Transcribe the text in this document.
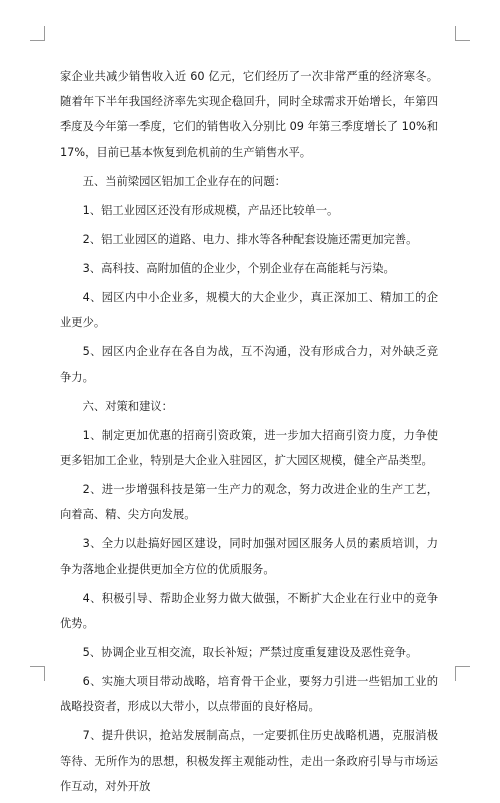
家企业共减少销售收入近 60 亿元，它们经历了一次非常严重的经济寒冬。随着年下半年我国经济率先实现企稳回升，同时全球需求开始增长，年第四季度及今年第一季度，它们的销售收入分别比 09 年第三季度增长了 10%和 17%，目前已基本恢复到危机前的生产销售水平。

五、当前梁园区铝加工企业存在的问题：

1、铝工业园区还没有形成规模，产品还比较单一。

2、铝工业园区的道路、电力、排水等各种配套设施还需更加完善。

3、高科技、高附加值的企业少，个别企业存在高能耗与污染。

4、园区内中小企业多，规模大的大企业少，真正深加工、精加工的企业更少。

5、园区内企业存在各自为战，互不沟通，没有形成合力，对外缺乏竞争力。

六、对策和建议：

1、制定更加优惠的招商引资政策，进一步加大招商引资力度，力争使更多铝加工企业，特别是大企业入驻园区，扩大园区规模，健全产品类型。

2、进一步增强科技是第一生产力的观念，努力改进企业的生产工艺，向着高、精、尖方向发展。

3、全力以赴搞好园区建设，同时加强对园区服务人员的素质培训，力争为落地企业提供更加全方位的优质服务。

4、积极引导、帮助企业努力做大做强，不断扩大企业在行业中的竞争优势。

5、协调企业互相交流，取长补短；严禁过度重复建设及恶性竞争。

6、实施大项目带动战略，培育骨干企业，要努力引进一些铝加工业的战略投资者，形成以大带小，以点带面的良好格局。

7、提升供识，抢站发展制高点，一定要抓住历史战略机遇，克服消极等待、无所作为的思想，积极发挥主观能动性，走出一条政府引导与市场运作互动，对外开放
